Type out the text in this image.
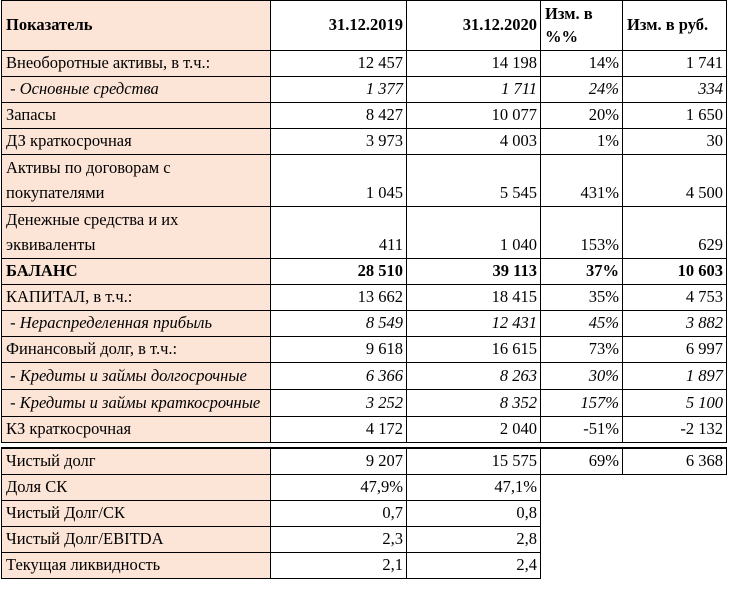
Показатель	31.12.2019	31.12.2020	Изм. в %%	Изм. в руб.
Внеоборотные активы, в т.ч.:	12 457	14 198	14%	1 741
- Основные средства	1 377	1 711	24%	334
Запасы	8 427	10 077	20%	1 650
ДЗ краткосрочная	3 973	4 003	1%	30
Активы по договорам с покупателями	1 045	5 545	431%	4 500
Денежные средства и их эквиваленты	411	1 040	153%	629
БАЛАНС	28 510	39 113	37%	10 603
КАПИТАЛ, в т.ч.:	13 662	18 415	35%	4 753
- Нераспределенная прибыль	8 549	12 431	45%	3 882
Финансовый долг, в т.ч.:	9 618	16 615	73%	6 997
- Кредиты и займы долгосрочные	6 366	8 263	30%	1 897
- Кредиты и займы краткосрочные	3 252	8 352	157%	5 100
КЗ краткосрочная	4 172	2 040	-51%	-2 132

Чистый долг	9 207	15 575	69%	6 368
Доля СК	47,9%	47,1%		
Чистый Долг/СК	0,7	0,8		
Чистый Долг/EBITDA	2,3	2,8		
Текущая ликвидность	2,1	2,4		
